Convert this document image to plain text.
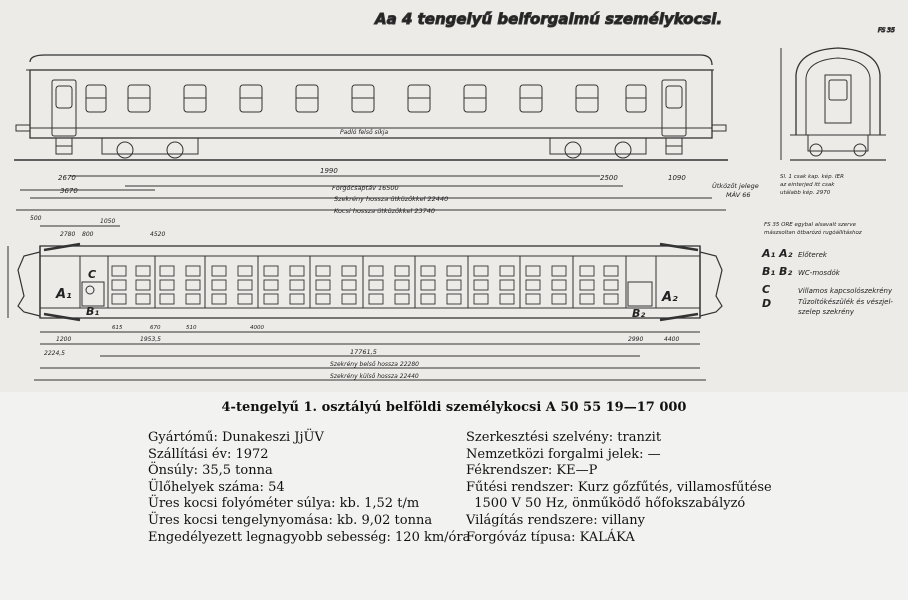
Aa 4 tengelyű belforgalmú személykocsi.
FS 35
Padló felső síkja
2670
3670
1990
2500	1090
Forgócsaptáv 16500
Szekrény hossza ütközőkkel 22440
Kocsi hossza ütközőkkel 23740
Ütközőt jelege
MÁV 66
Sl. 1 csak kap. kép. IER
az einterjed itt csak
utálabb kép. 2970
FS 35 ORE egybal alsavalt szerve
mászsoltan ötbarózó rugóállitáshoz
A₁	A₂
B₁	B₂
C
1050
2780	4520
500
800
615	670	510	4000
1953,5
1200
2224,5
2990	4400
17761,5
Szekrény belső hossza 22280
Szekrény külső hossza 22440
A₁ A₂ Előterek
B₁ B₂ WC-mosdók
C	Villamos kapcsolószekrény
D	Tűzoltókészülék és vészjel-
szelep szekrény
4-tengelyű 1. osztályú belföldi személykocsi A 50 55 19—17 000
Gyártómű: Dunakeszi JjÜV
Szállítási év: 1972
Önsúly: 35,5 tonna
Ülőhelyek száma: 54
Üres kocsi folyóméter súlya: kb. 1,52 t/m
Üres kocsi tengelynyomása: kb. 9,02 tonna
Engedélyezett legnagyobb sebesség: 120 km/óra
Szerkesztési szelvény: tranzit
Nemzetközi forgalmi jelek: —
Fékrendszer: KE—P
Fűtési rendszer: Kurz gőzfűtés, villamosfűtése
1500 V 50 Hz, önműködő hőfokszabályzó
Világítás rendszere: villany
Forgóváz típusa: KALÁKA
